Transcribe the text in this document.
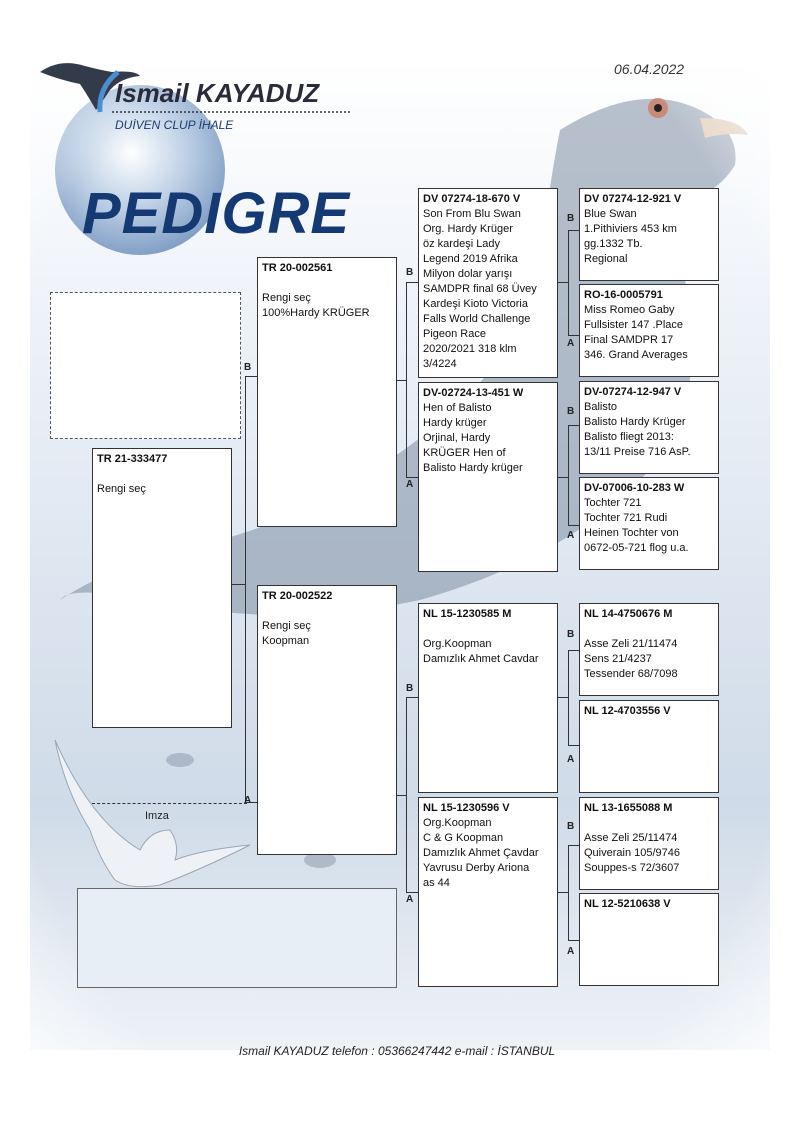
06.04.2022
Ismail KAYADUZ
DUİVEN CLUP İHALE
PEDIGRE
Imza
B
A
B
A
B
A
B
A
B
A
B
A
B
A
TR 21-333477
Rengi seç
TR 20-002561
Rengi seç
100%Hardy KRÜGER
TR 20-002522
Rengi seç
Koopman
DV 07274-18-670 V
Son From Blu Swan
Org. Hardy Krüger
öz kardeşi Lady
Legend 2019 Afrika
Milyon dolar yarışı
SAMDPR final 68 Üvey
Kardeşi Kioto Victoria
Falls World Challenge
Pigeon Race
2020/2021 318 klm
3/4224
DV-02724-13-451 W
Hen of Balisto
Hardy krüger
Orjinal, Hardy
KRÜGER Hen of
Balisto Hardy krüger
NL 15-1230585 M
Org.Koopman
Damızlık Ahmet Cavdar
NL 15-1230596 V
Org.Koopman
C & G Koopman
Damızlık Ahmet Çavdar
Yavrusu Derby Ariona
as 44
DV 07274-12-921 V
Blue Swan
1.Pithiviers 453 km
gg.1332 Tb.
Regional
RO-16-0005791
Miss Romeo Gaby
Fullsister 147 .Place
Final SAMDPR 17
346. Grand Averages
DV-07274-12-947 V
Balisto
Balisto Hardy Krüger
Balisto fliegt 2013:
13/11 Preise 716 AsP.
DV-07006-10-283 W
Tochter 721
Tochter 721 Rudi
Heinen Tochter von
0672-05-721 flog u.a.
NL 14-4750676 M
Asse Zeli 21/11474
Sens 21/4237
Tessender 68/7098
NL 12-4703556 V
NL 13-1655088 M
Asse Zeli 25/11474
Quiverain 105/9746
Souppes-s 72/3607
NL 12-5210638 V
Ismail KAYADUZ telefon : 05366247442 e-mail : İSTANBUL
